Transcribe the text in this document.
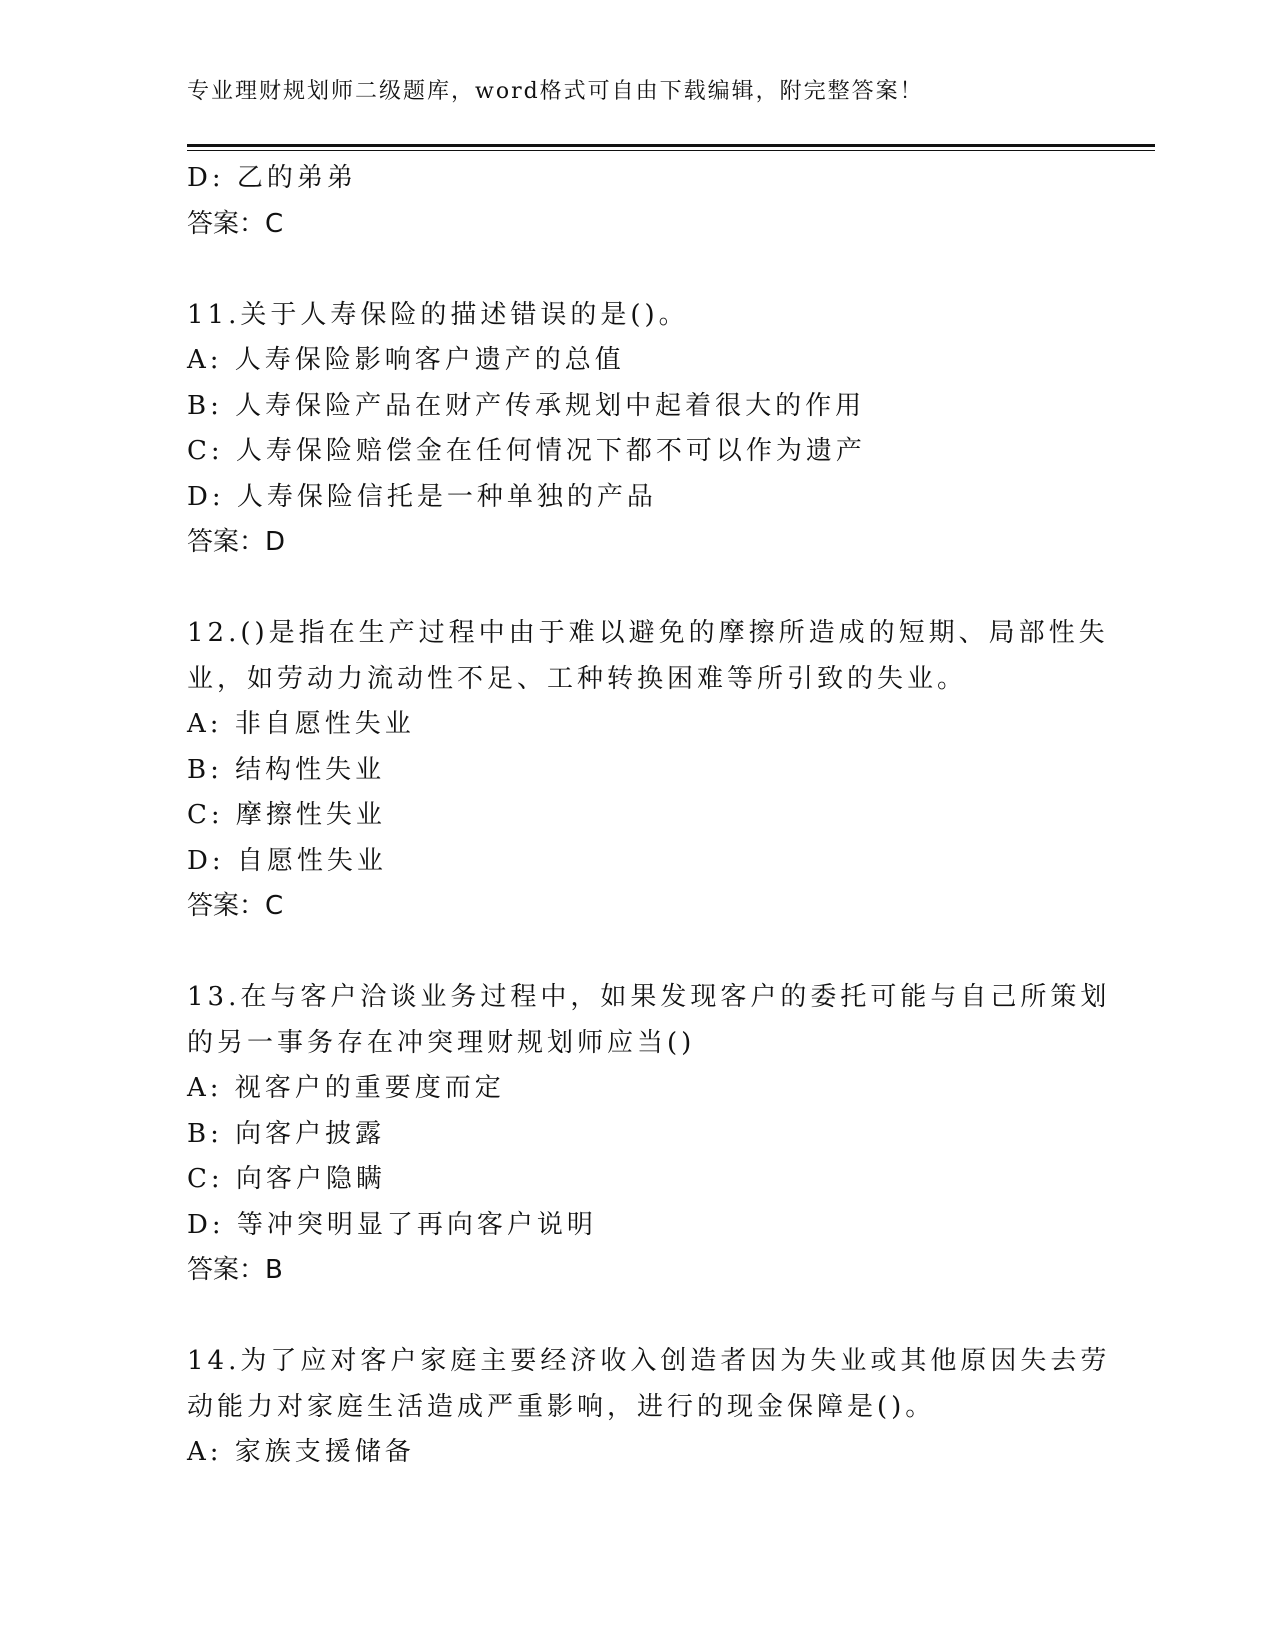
专业理财规划师二级题库，word格式可自由下载编辑，附完整答案！
D: 乙的弟弟
答案：C
11.关于人寿保险的描述错误的是()。
A: 人寿保险影响客户遗产的总值
B: 人寿保险产品在财产传承规划中起着很大的作用
C: 人寿保险赔偿金在任何情况下都不可以作为遗产
D: 人寿保险信托是一种单独的产品
答案：D
12.()是指在生产过程中由于难以避免的摩擦所造成的短期、局部性失
业，如劳动力流动性不足、工种转换困难等所引致的失业。
A: 非自愿性失业
B: 结构性失业
C: 摩擦性失业
D: 自愿性失业
答案：C
13.在与客户洽谈业务过程中，如果发现客户的委托可能与自己所策划
的另一事务存在冲突理财规划师应当()
A: 视客户的重要度而定
B: 向客户披露
C: 向客户隐瞒
D: 等冲突明显了再向客户说明
答案：B
14.为了应对客户家庭主要经济收入创造者因为失业或其他原因失去劳
动能力对家庭生活造成严重影响，进行的现金保障是()。
A: 家族支援储备
